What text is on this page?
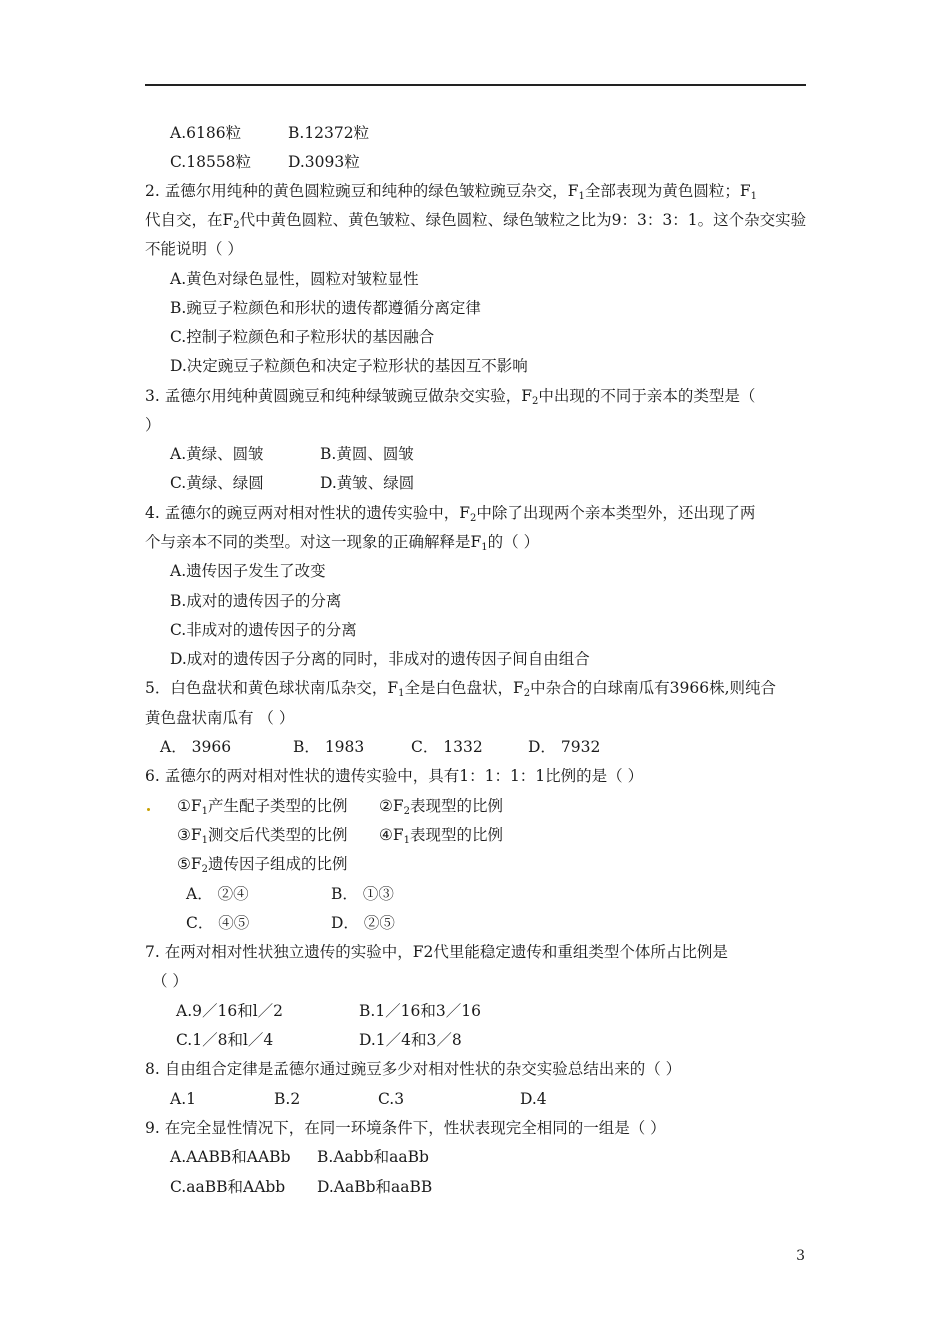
A.6186粒	B.12372粒
C.18558粒 D.3093粒
2. 孟德尔用纯种的黄色圆粒豌豆和纯种的绿色皱粒豌豆杂交，$F_1$全部表现为黄色圆粒；$F_1$
代自交，在$F_2$代中黄色圆粒、黄色皱粒、绿色圆粒、绿色皱粒之比为9：3：3：1。这个杂交实验
不能说明（ ）
A.黄色对绿色显性，圆粒对皱粒显性
B.豌豆子粒颜色和形状的遗传都遵循分离定律
C.控制子粒颜色和子粒形状的基因融合
D.决定豌豆子粒颜色和决定子粒形状的基因互不影响
3. 孟德尔用纯种黄圆豌豆和纯种绿皱豌豆做杂交实验，$F_2$中出现的不同于亲本的类型是（
）
A.黄绿、圆皱	B.黄圆、圆皱
C.黄绿、绿圆	D.黄皱、绿圆
4. 孟德尔的豌豆两对相对性状的遗传实验中，$F_2$中除了出现两个亲本类型外，还出现了两
个与亲本不同的类型。对这一现象的正确解释是$F_1$的（ ）
A.遗传因子发生了改变
B.成对的遗传因子的分离
C.非成对的遗传因子的分离
D.成对的遗传因子分离的同时，非成对的遗传因子间自由组合
5．白色盘状和黄色球状南瓜杂交，$F_1$全是白色盘状，$F_2$中杂合的白球南瓜有3966株,则纯合
黄色盘状南瓜有 （ ）
A． 3966	B． 1983	C． 1332	D． 7932
6. 孟德尔的两对相对性状的遗传实验中，具有1：1：1：1比例的是（ ）
$①F_1$产生配子类型的比例 $②F_2$表现型的比例
$③F_1$测交后代类型的比例 $④F_1$表现型的比例
$⑤F_2$遗传因子组成的比例
A． ②④	B． ①③
C． ④⑤	D． ②⑤
7. 在两对相对性状独立遗传的实验中，F2代里能稳定遗传和重组类型个体所占比例是
（ ）
A.9／16和l／2	B.1／16和3／16
C.1／8和l／4	D.1／4和3／8
8. 自由组合定律是孟德尔通过豌豆多少对相对性状的杂交实验总结出来的（ ）
A.1	B.2	C.3	D.4
9. 在完全显性情况下，在同一环境条件下，性状表现完全相同的一组是（ ）
A.AABB和AABb B.Aabb和aaBb
C.aaBB和AAbb D.AaBb和aaBB
3
